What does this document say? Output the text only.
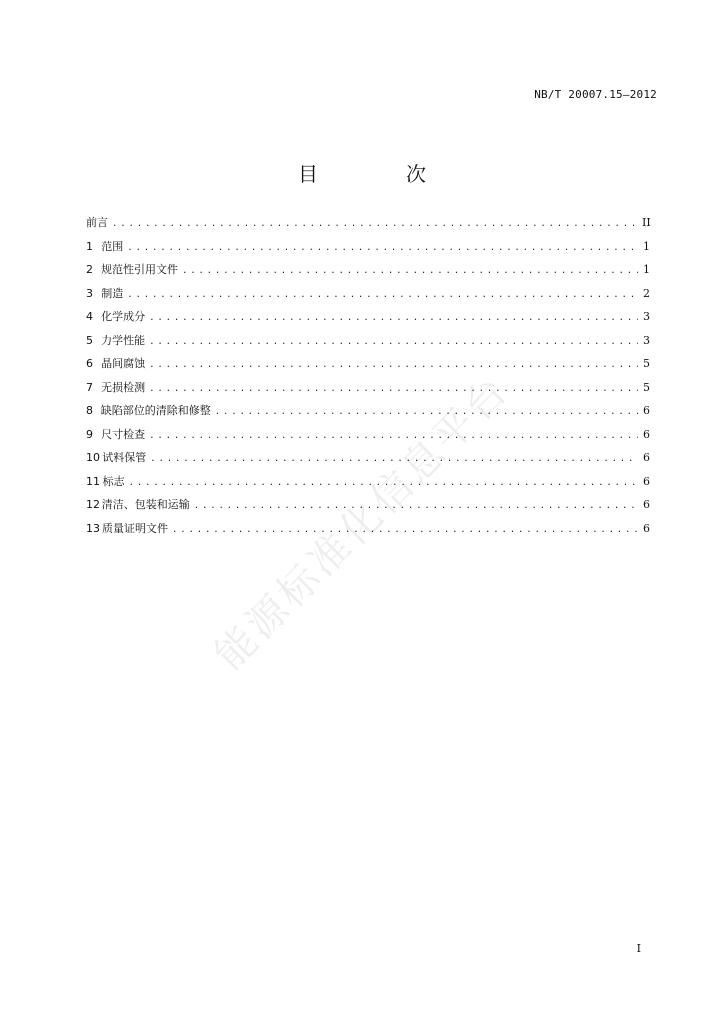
NB/T 20007.15—2012
目　次
前言 . . .	II
1 范围 . . .	1
2 规范性引用文件 . . .	1
3 制造 . . .	2
4 化学成分 . . .	3
5 力学性能 . . .	3
6 晶间腐蚀 . . .	5
7 无损检测 . . .	5
8 缺陷部位的清除和修整 . . .	6
9 尺寸检查 . . .	6
10 试料保管 . . .	6
11 标志 . . .	6
12 清洁、包装和运输 . . .	6
13 质量证明文件 . . .	6
能源标准化信息平台
I
